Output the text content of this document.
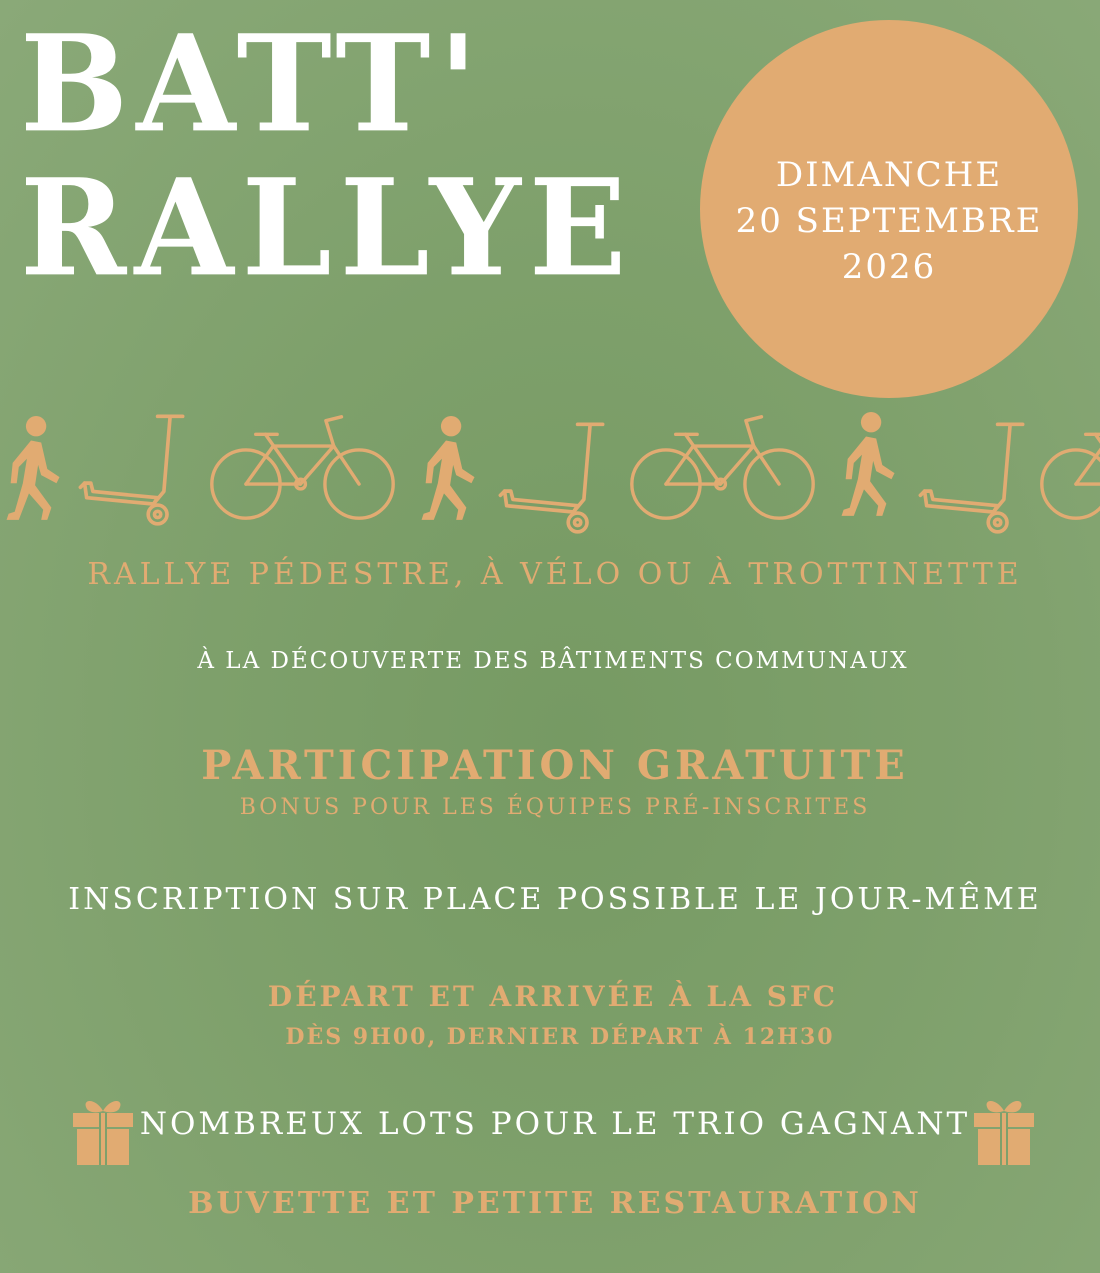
BATT'
RALLYE	DIMANCHE
20 SEPTEMBRE
2026
RALLYE PÉDESTRE, À VÉLO OU À TROTTINETTE
À LA DÉCOUVERTE DES BÂTIMENTS COMMUNAUX
PARTICIPATION GRATUITE
BONUS POUR LES ÉQUIPES PRÉ-INSCRITES
INSCRIPTION SUR PLACE POSSIBLE LE JOUR-MÊME
DÉPART ET ARRIVÉE À LA SFC
DÈS 9H00, DERNIER DÉPART À 12H30
NOMBREUX LOTS POUR LE TRIO GAGNANT
BUVETTE ET PETITE RESTAURATION
